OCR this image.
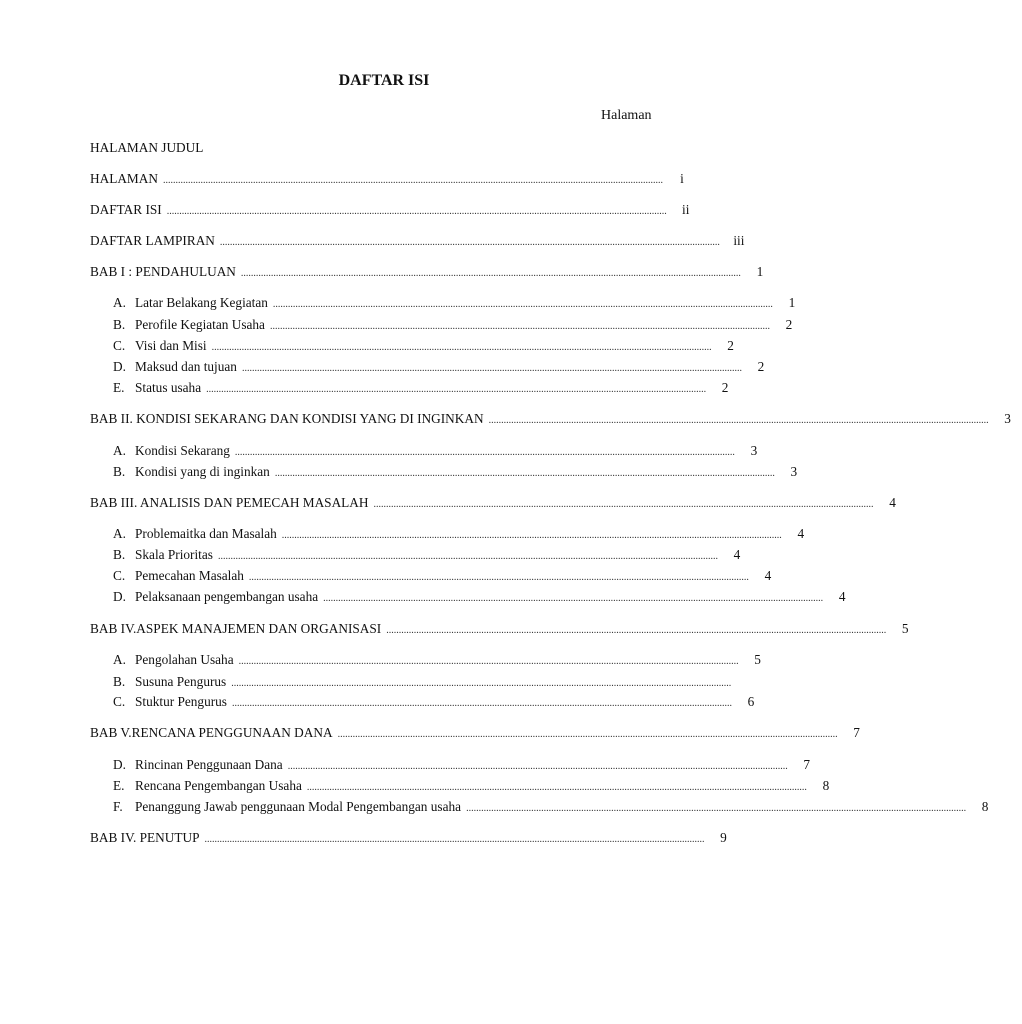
DAFTAR ISI
Halaman
HALAMAN JUDUL
HALAMAN ........................................................................................................................................................................................................	i
DAFTAR ISI ........................................................................................................................................................................................................	ii
DAFTAR LAMPIRAN ........................................................................................................................................................................................................	iii
BAB I : PENDAHULUAN ........................................................................................................................................................................................................	1
A. Latar Belakang Kegiatan ........................................................................................................................................................................................................	1
B. Perofile Kegiatan Usaha ........................................................................................................................................................................................................	2
C. Visi dan Misi ........................................................................................................................................................................................................	2
D. Maksud dan tujuan ........................................................................................................................................................................................................	2
E. Status usaha ........................................................................................................................................................................................................	2
BAB II. KONDISI SEKARANG DAN KONDISI YANG DI INGINKAN ........................................................................................................................................................................................................	3
A. Kondisi Sekarang ........................................................................................................................................................................................................	3
B. Kondisi yang di inginkan ........................................................................................................................................................................................................	3
BAB III. ANALISIS DAN PEMECAH MASALAH ........................................................................................................................................................................................................	4
A. Problemaitka dan Masalah ........................................................................................................................................................................................................	4
B. Skala Prioritas ........................................................................................................................................................................................................	4
C. Pemecahan Masalah ........................................................................................................................................................................................................	4
D. Pelaksanaan pengembangan usaha ........................................................................................................................................................................................................	4
BAB IV.ASPEK MANAJEMEN DAN ORGANISASI ........................................................................................................................................................................................................	5
A. Pengolahan Usaha ........................................................................................................................................................................................................	5
B. Susuna Pengurus ........................................................................................................................................................................................................
C. Stuktur Pengurus ........................................................................................................................................................................................................	6
BAB V.RENCANA PENGGUNAAN DANA ........................................................................................................................................................................................................	7
D. Rincinan Penggunaan Dana ........................................................................................................................................................................................................	7
E. Rencana Pengembangan Usaha ........................................................................................................................................................................................................	8
F. Penanggung Jawab penggunaan Modal Pengembangan usaha ........................................................................................................................................................................................................	8
BAB IV. PENUTUP ........................................................................................................................................................................................................	9
